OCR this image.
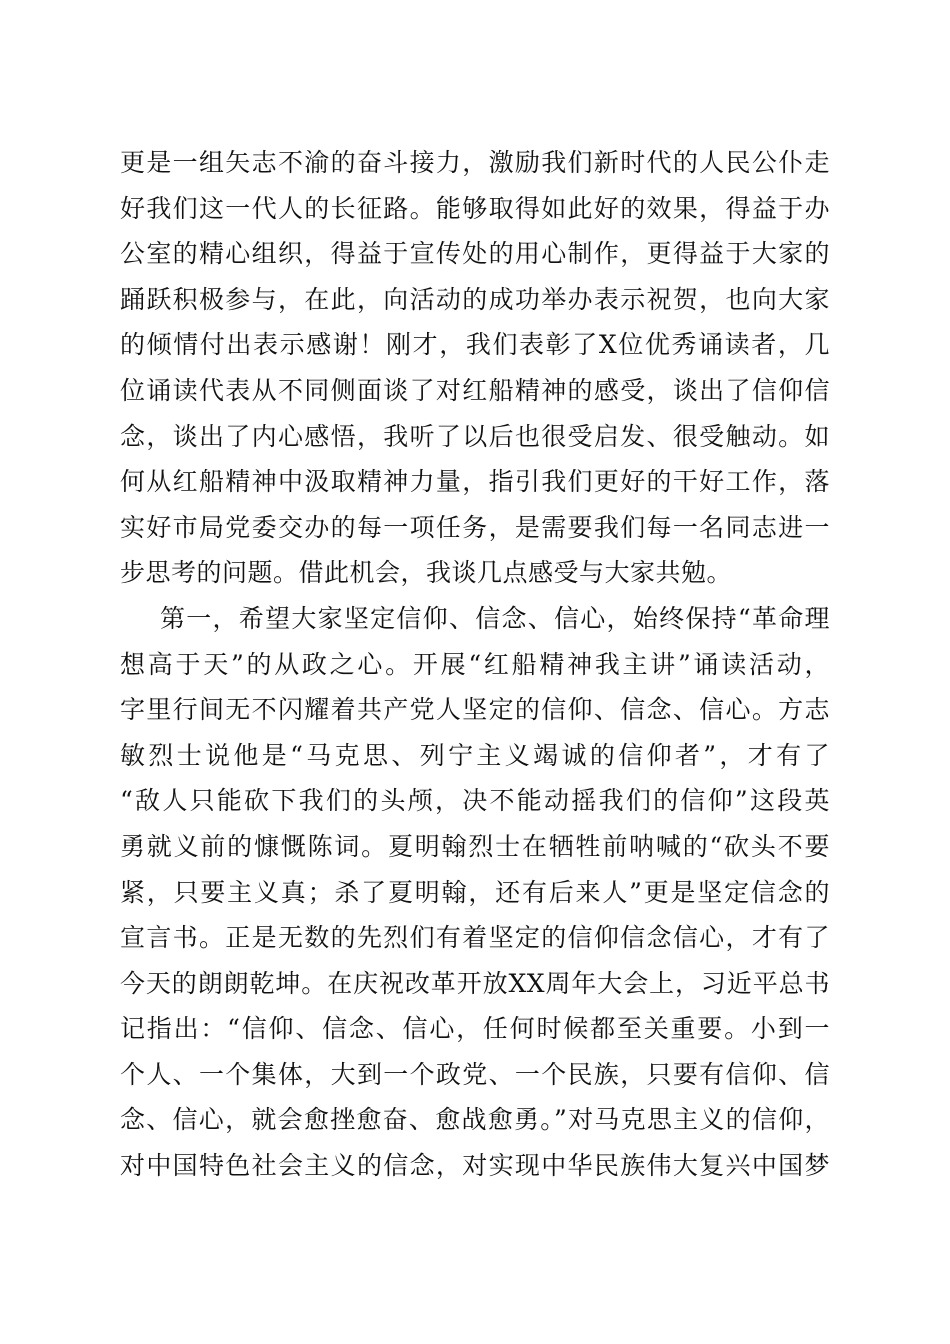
更是一组矢志不渝的奋斗接力，激励我们新时代的人民公仆走
好我们这一代人的长征路。能够取得如此好的效果，得益于办
公室的精心组织，得益于宣传处的用心制作，更得益于大家的
踊跃积极参与，在此，向活动的成功举办表示祝贺，也向大家
的倾情付出表示感谢！刚才，我们表彰了X位优秀诵读者，几
位诵读代表从不同侧面谈了对红船精神的感受，谈出了信仰信
念，谈出了内心感悟，我听了以后也很受启发、很受触动。如
何从红船精神中汲取精神力量，指引我们更好的干好工作，落
实好市局党委交办的每一项任务，是需要我们每一名同志进一
步思考的问题。借此机会，我谈几点感受与大家共勉。
第一，希望大家坚定信仰、信念、信心，始终保持“革命理
想高于天”的从政之心。开展“红船精神我主讲”诵读活动，
字里行间无不闪耀着共产党人坚定的信仰、信念、信心。方志
敏烈士说他是“马克思、列宁主义竭诚的信仰者”，才有了
“敌人只能砍下我们的头颅，决不能动摇我们的信仰”这段英
勇就义前的慷慨陈词。夏明翰烈士在牺牲前呐喊的“砍头不要
紧，只要主义真；杀了夏明翰，还有后来人”更是坚定信念的
宣言书。正是无数的先烈们有着坚定的信仰信念信心，才有了
今天的朗朗乾坤。在庆祝改革开放XX周年大会上，习近平总书
记指出：“信仰、信念、信心，任何时候都至关重要。小到一
个人、一个集体，大到一个政党、一个民族，只要有信仰、信
念、信心，就会愈挫愈奋、愈战愈勇。”对马克思主义的信仰，
对中国特色社会主义的信念，对实现中华民族伟大复兴中国梦
